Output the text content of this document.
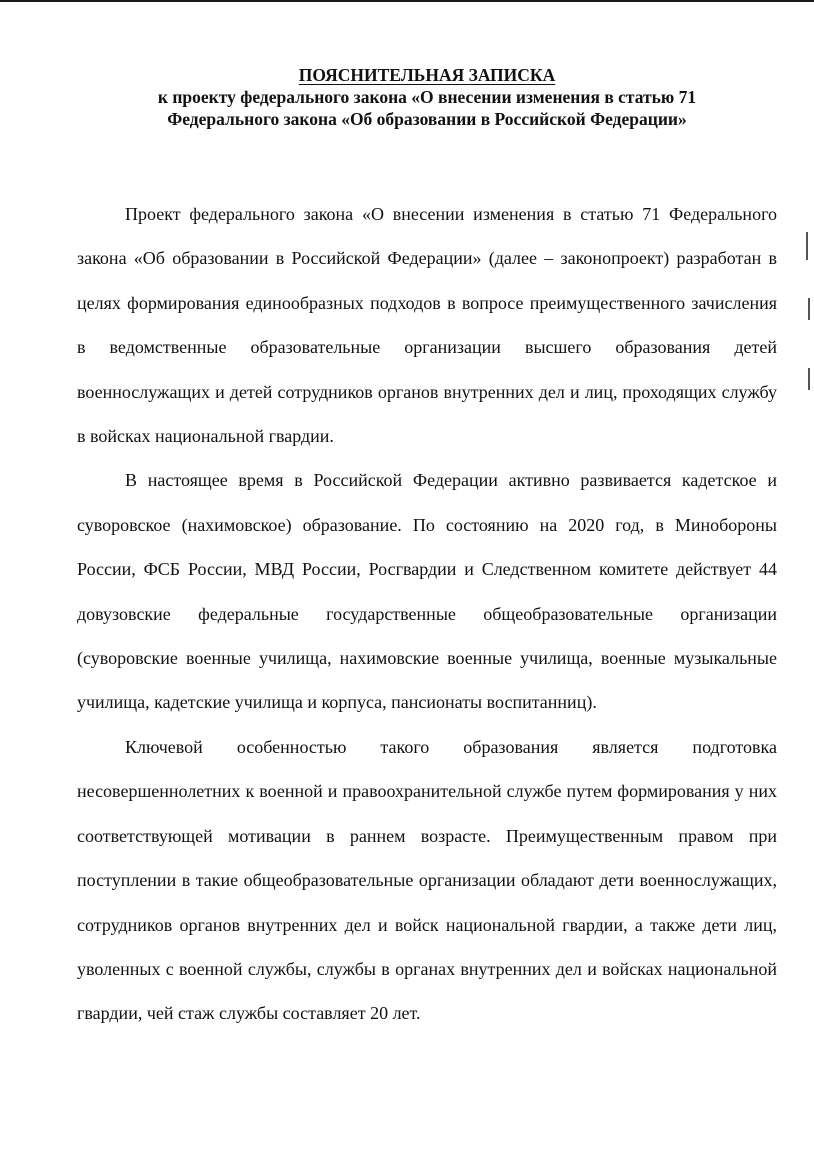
ПОЯСНИТЕЛЬНАЯ ЗАПИСКА
к проекту федерального закона «О внесении изменения в статью 71
Федерального закона «Об образовании в Российской Федерации»

Проект федерального закона «О внесении изменения в статью 71 Федерального закона «Об образовании в Российской Федерации» (далее – законопроект) разработан в целях формирования единообразных подходов в вопросе преимущественного зачисления в ведомственные образовательные организации высшего образования детей военнослужащих и детей сотрудников органов внутренних дел и лиц, проходящих службу в войсках национальной гвардии.

В настоящее время в Российской Федерации активно развивается кадетское и суворовское (нахимовское) образование. По состоянию на 2020 год, в Минобороны России, ФСБ России, МВД России, Росгвардии и Следственном комитете действует 44 довузовские федеральные государственные общеобразовательные организации (суворовские военные училища, нахимовские военные училища, военные музыкальные училища, кадетские училища и корпуса, пансионаты воспитанниц).

Ключевой особенностью такого образования является подготовка несовершеннолетних к военной и правоохранительной службе путем формирования у них соответствующей мотивации в раннем возрасте. Преимущественным правом при поступлении в такие общеобразовательные организации обладают дети военнослужащих, сотрудников органов внутренних дел и войск национальной гвардии, а также дети лиц, уволенных с военной службы, службы в органах внутренних дел и войсках национальной гвардии, чей стаж службы составляет 20 лет.
